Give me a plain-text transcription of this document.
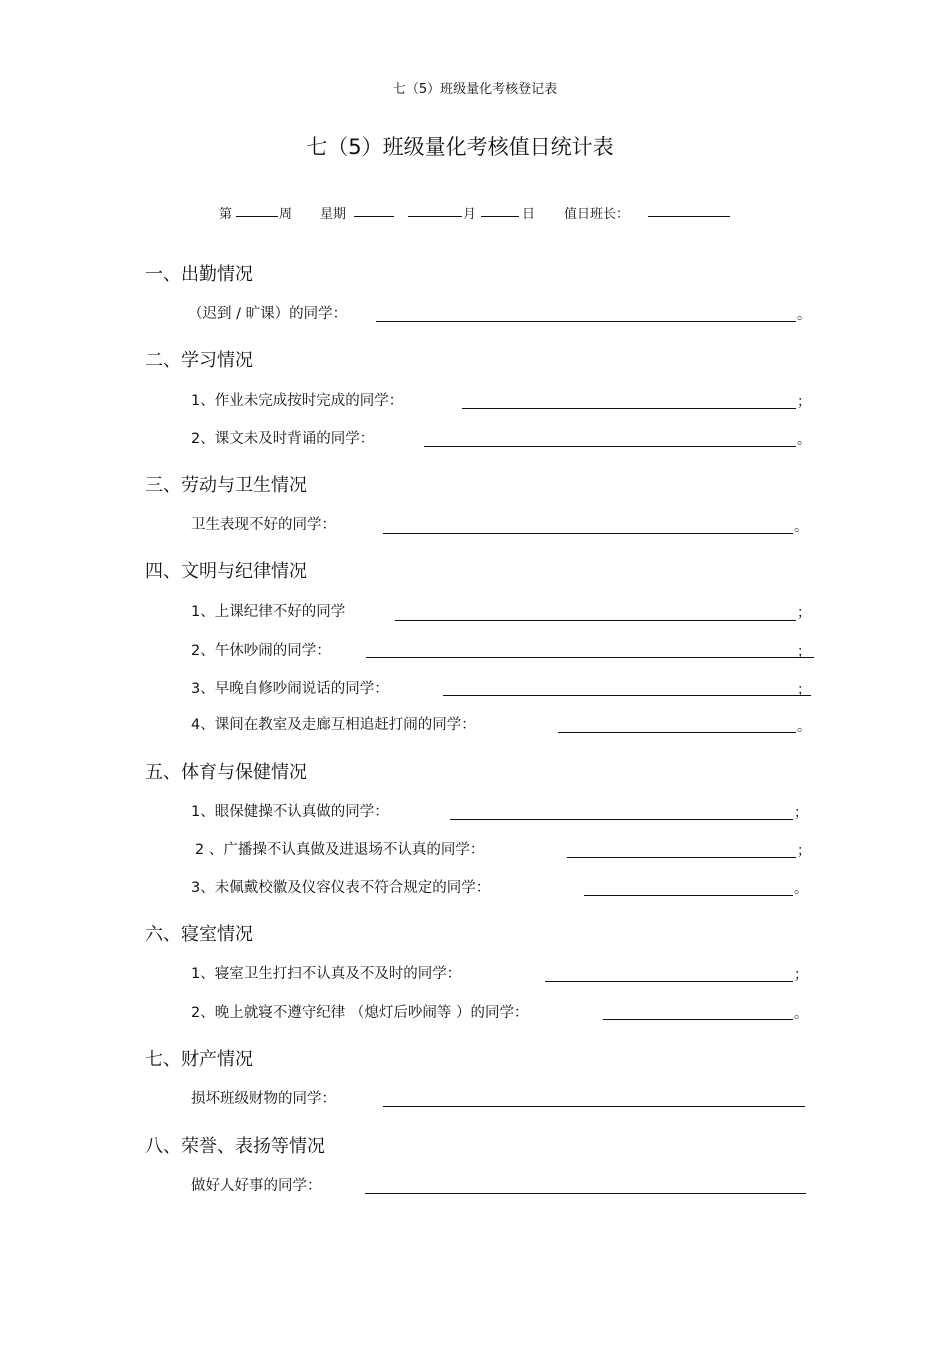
七（5）班级量化考核登记表
七（5）班级量化考核值日统计表
第	周 星期	月	日 值日班长：
一、出勤情况
（迟到 / 旷课）的同学：	。
二、学习情况
1、作业未完成按时完成的同学：	；
2、课文未及时背诵的同学：	。
三、劳动与卫生情况
卫生表现不好的同学：	。
四、文明与纪律情况
1、上课纪律不好的同学	；
2、午休吵闹的同学：	；
3、早晚自修吵闹说话的同学：	；
4、课间在教室及走廊互相追赶打闹的同学：	。
五、体育与保健情况
1、眼保健操不认真做的同学：	；
2 、广播操不认真做及进退场不认真的同学：	；
3、未佩戴校徽及仪容仪表不符合规定的同学：	。
六、寝室情况
1、寝室卫生打扫不认真及不及时的同学：	；
2、晚上就寝不遵守纪律 （熄灯后吵闹等 ）的同学：	。
七、财产情况
损坏班级财物的同学：
八、荣誉、表扬等情况
做好人好事的同学：
